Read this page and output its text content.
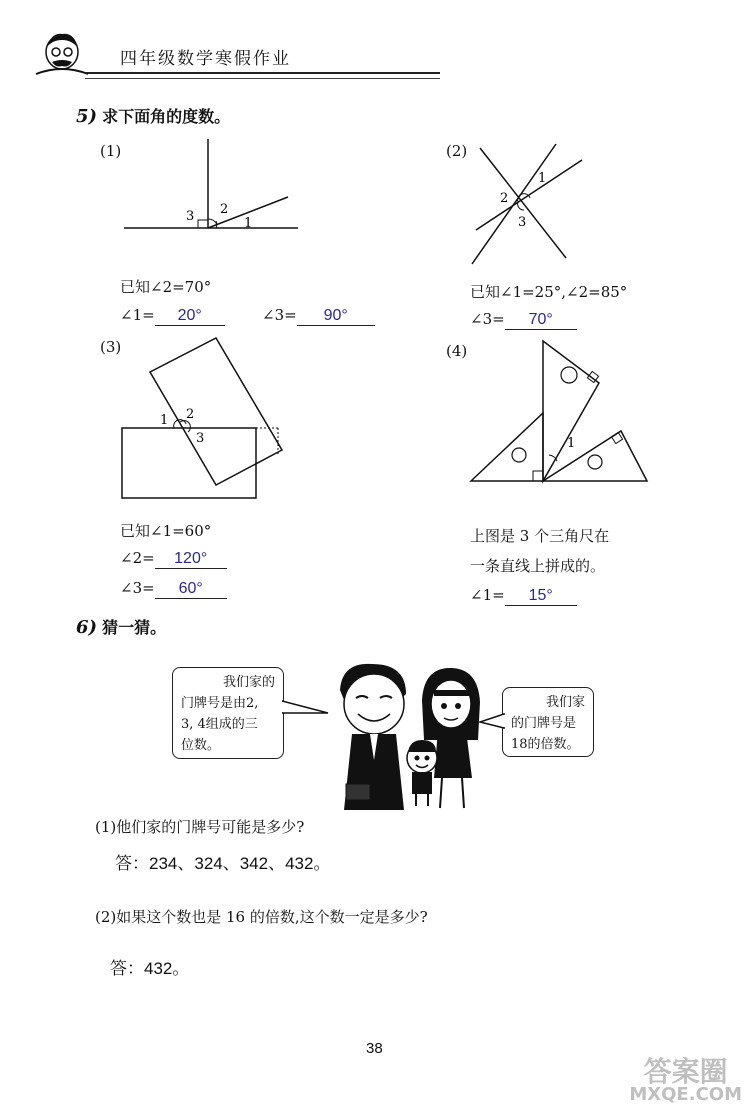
四年级数学寒假作业
5) 求下面角的度数。
(1)
1
2
3
已知∠2=70°
∠1= 20°	∠3= 90°
(2)
1
2
3
已知∠1=25°,∠2=85°
∠3= 70°
(3)
1 2
3
已知∠1=60°
∠2= 120°
∠3= 60°
(4)
1
上图是 3 个三角尺在
一条直线上拼成的。
∠1= 15°
6) 猜一猜。
我们家的
门牌号是由2,
3, 4组成的三
位数。
我们家
的门牌号是
18的倍数。
(1)他们家的门牌号可能是多少?
答：234、324、342、432。
(2)如果这个数也是 16 的倍数,这个数一定是多少?
答：432。
38
答案圈
MXQE.COM
